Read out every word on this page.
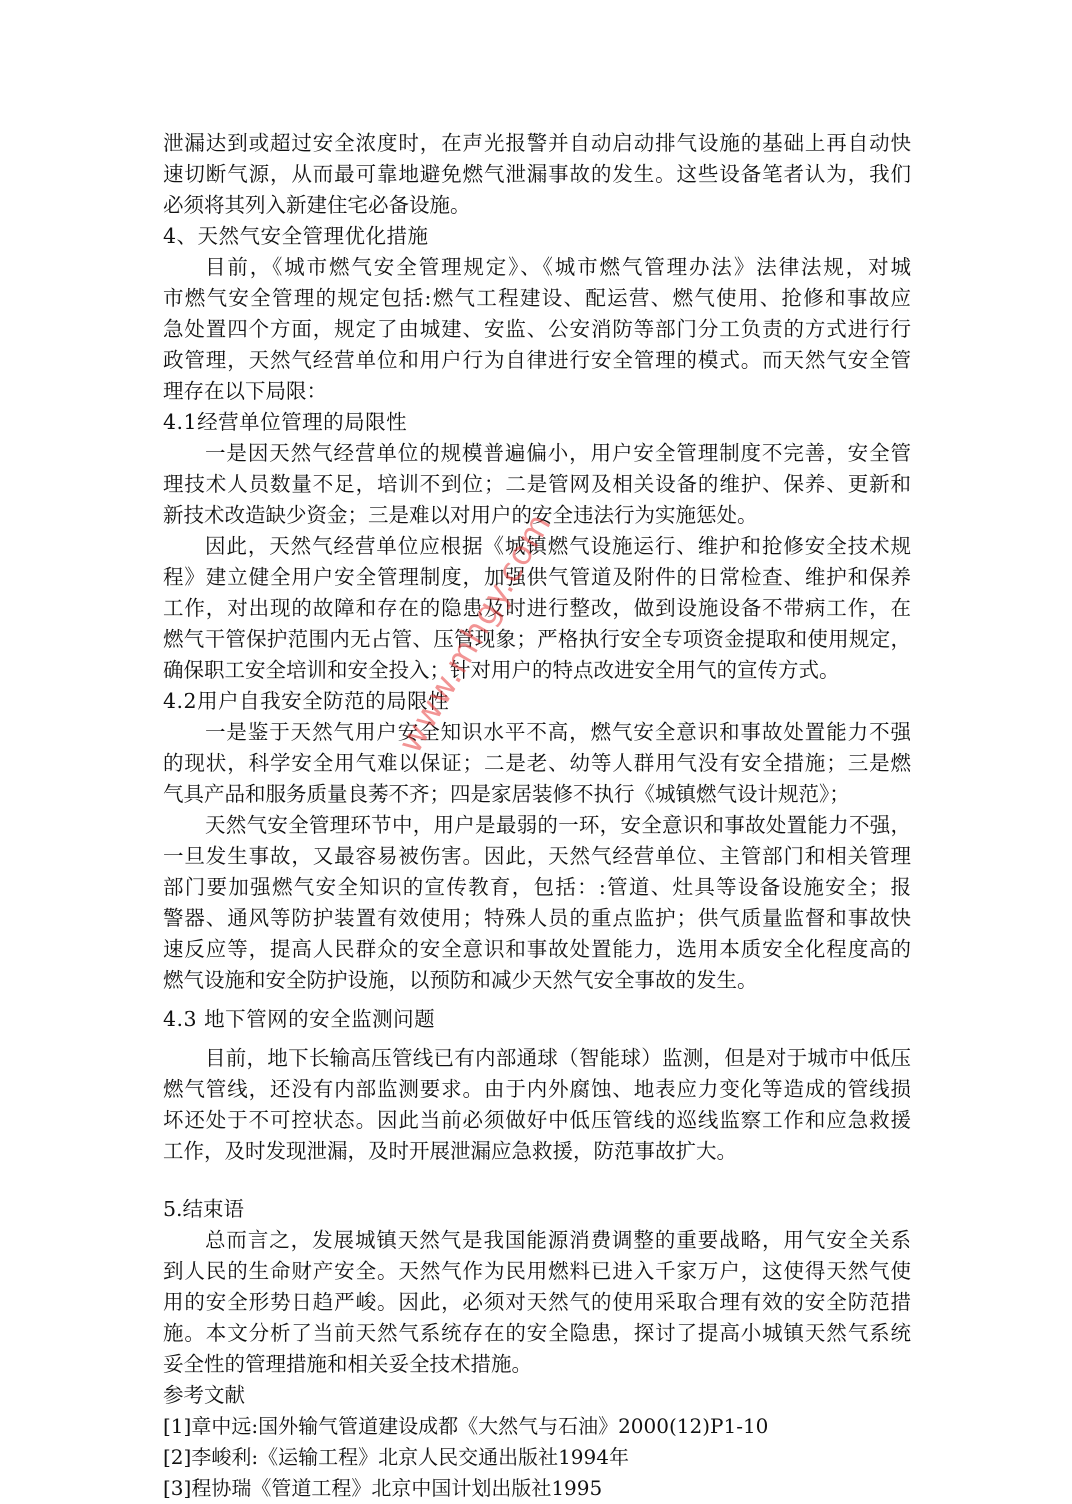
泄漏达到或超过安全浓度时，在声光报警并自动启动排气设施的基础上再自动快
速切断气源，从而最可靠地避免燃气泄漏事故的发生。这些设备笔者认为，我们
必须将其列入新建住宅必备设施。
4、天然气安全管理优化措施
目前，《城市燃气安全管理规定》、《城市燃气管理办法》法律法规，对城
市燃气安全管理的规定包括:燃气工程建设、配运营、燃气使用、抢修和事故应
急处置四个方面，规定了由城建、安监、公安消防等部门分工负责的方式进行行
政管理，天然气经营单位和用户行为自律进行安全管理的模式。而天然气安全管
理存在以下局限：
4.1经营单位管理的局限性
一是因天然气经营单位的规模普遍偏小，用户安全管理制度不完善，安全管
理技术人员数量不足，培训不到位；二是管网及相关设备的维护、保养、更新和
新技术改造缺少资金；三是难以对用户的安全违法行为实施惩处。
因此，天然气经营单位应根据《城镇燃气设施运行、维护和抢修安全技术规
程》建立健全用户安全管理制度，加强供气管道及附件的日常检查、维护和保养
工作，对出现的故障和存在的隐患及时进行整改，做到设施设备不带病工作，在
燃气干管保护范围内无占管、压管现象；严格执行安全专项资金提取和使用规定，
确保职工安全培训和安全投入；针对用户的特点改进安全用气的宣传方式。
4.2用户自我安全防范的局限性
一是鉴于天然气用户安全知识水平不高，燃气安全意识和事故处置能力不强
的现状，科学安全用气难以保证；二是老、幼等人群用气没有安全措施；三是燃
气具产品和服务质量良莠不齐；四是家居装修不执行《城镇燃气设计规范》；
天然气安全管理环节中，用户是最弱的一环，安全意识和事故处置能力不强，
一旦发生事故，又最容易被伤害。因此，天然气经营单位、主管部门和相关管理
部门要加强燃气安全知识的宣传教育，包括：:管道、灶具等设备设施安全；报
警器、通风等防护装置有效使用；特殊人员的重点监护；供气质量监督和事故快
速反应等，提高人民群众的安全意识和事故处置能力，选用本质安全化程度高的
燃气设施和安全防护设施，以预防和减少天然气安全事故的发生。
4.3 地下管网的安全监测问题
目前，地下长输高压管线已有内部通球（智能球）监测，但是对于城市中低压
燃气管线，还没有内部监测要求。由于内外腐蚀、地表应力变化等造成的管线损
坏还处于不可控状态。因此当前必须做好中低压管线的巡线监察工作和应急救援
工作，及时发现泄漏，及时开展泄漏应急救援，防范事故扩大。
5.结束语
总而言之，发展城镇天然气是我国能源消费调整的重要战略，用气安全关系
到人民的生命财产安全。天然气作为民用燃料已进入千家万户，这使得天然气使
用的安全形势日趋严峻。因此，必须对天然气的使用采取合理有效的安全防范措
施。本文分析了当前天然气系统存在的安全隐患，探讨了提高小城镇天然气系统
妥全性的管理措施和相关妥全技术措施。
参考文献
[1]章中远:国外输气管道建设成都《大然气与石油》2000(12)P1-10
[2]李峻利:《运输工程》北京人民交通出版社1994年
[3]程协瑞《管道工程》北京中国计划出版社1995
www.mhgy.com
